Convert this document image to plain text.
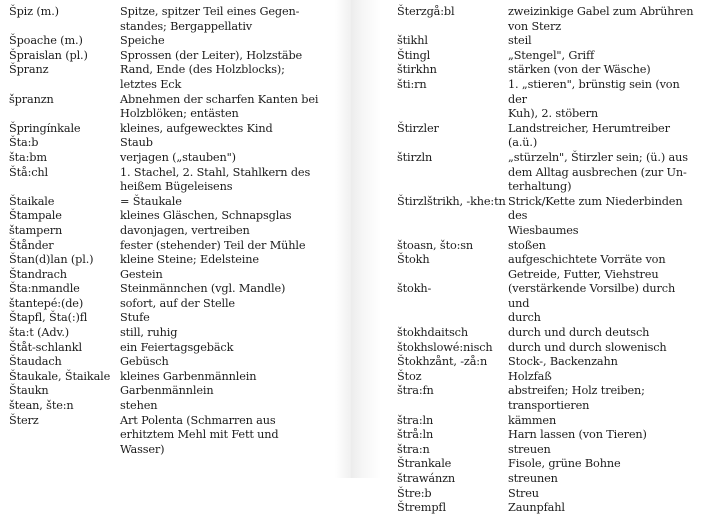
Špiz (m.)	Spitze, spitzer Teil eines Gegen-
standes; Bergappellativ
Špoache (m.)	Speiche
Špraislan (pl.)	Sprossen (der Leiter), Holzstäbe
Špranz	Rand, Ende (des Holzblocks);
letztes Eck
špranzn	Abnehmen der scharfen Kanten bei
Holzblöken; entästen
Špringínkale	kleines, aufgewecktes Kind
Šta:b	Staub
šta:bm	verjagen („stauben")
Štå:chl	1. Stachel, 2. Stahl, Stahlkern des
heißem Bügeleisens
Štaikale	= Štaukale
Štampale	kleines Gläschen, Schnapsglas
štampern	davonjagen, vertreiben
Štånder	fester (stehender) Teil der Mühle
Štan(d)lan (pl.)	kleine Steine; Edelsteine
Štandrach	Gestein
Šta:nmandle	Steinmännchen (vgl. Mandle)
štantepé:(de)	sofort, auf der Stelle
Štapfl, Šta(:)fl	Stufe
šta:t (Adv.)	still, ruhig
Štåt-schlankl	ein Feiertagsgebäck
Štaudach	Gebüsch
Štaukale, Štaikale kleines Garbenmännlein
Štaukn	Garbenmännlein
štean, šte:n	stehen
Šterz	Art Polenta (Schmarren aus
erhitztem Mehl mit Fett und
Wasser)
Šterzgå:bl	zweizinkige Gabel zum Abrühren
von Sterz
štikhl	steil
Štingl	„Stengel", Griff
štirkhn	stärken (von der Wäsche)
šti:rn	1. „stieren", brünstig sein (von der
Kuh), 2. stöbern
Štirzler	Landstreicher, Herumtreiber (a.ü.)
štirzln	„stürzeln", Štirzler sein; (ü.) aus
dem Alltag ausbrechen (zur Un-
terhaltung)
Štirzlštrikh, -khe:tn Strick/Kette zum Niederbinden des
Wiesbaumes
štoasn, što:sn	stoßen
Štokh	aufgeschichtete Vorräte von
Getreide, Futter, Viehstreu
štokh-	(verstärkende Vorsilbe) durch und
durch
štokhdaitsch	durch und durch deutsch
štokhslowé:nisch	durch und durch slowenisch
Štokhzånt, -zå:n	Stock-, Backenzahn
Štoz	Holzfaß
štra:fn	abstreifen; Holz treiben;
transportieren
štra:ln	kämmen
štrå:ln	Harn lassen (von Tieren)
štra:n	streuen
Štrankale	Fisole, grüne Bohne
štrawánzn	streunen
Štre:b	Streu
Štrempfl	Zaunpfahl
